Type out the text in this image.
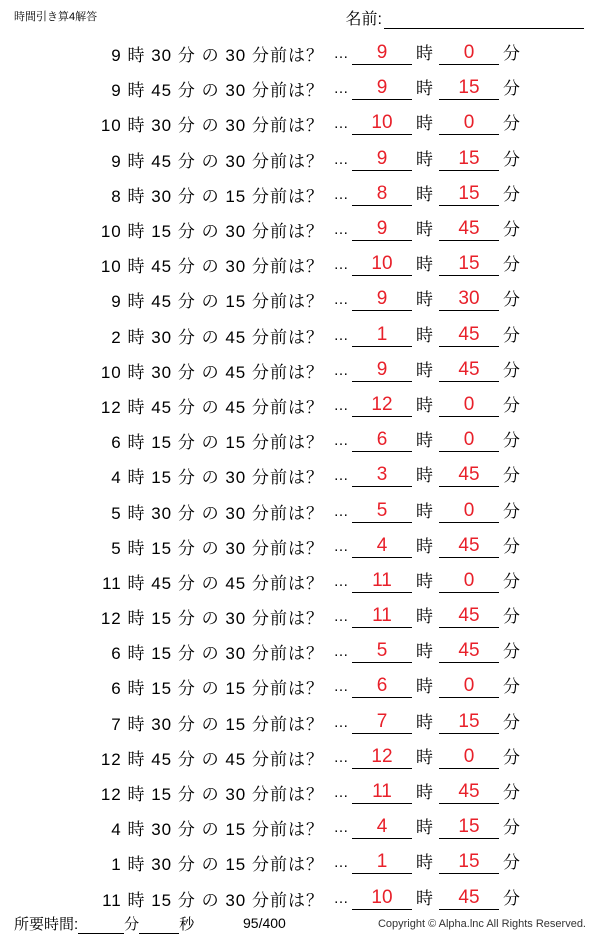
時間引き算4解答	名前:
9 時 30 分 の 30 分前は？ …	9	時	0	分
9 時 45 分 の 30 分前は？ …	9	時	15	分
10 時 30 分 の 30 分前は？ …	10	時	0	分
9 時 45 分 の 30 分前は？ …	9	時	15	分
8 時 30 分 の 15 分前は？ …	8	時	15	分
10 時 15 分 の 30 分前は？ …	9	時	45	分
10 時 45 分 の 30 分前は？ …	10	時	15	分
9 時 45 分 の 15 分前は？ …	9	時	30	分
2 時 30 分 の 45 分前は？ …	1	時	45	分
10 時 30 分 の 45 分前は？ …	9	時	45	分
12 時 45 分 の 45 分前は？ …	12	時	0	分
6 時 15 分 の 15 分前は？ …	6	時	0	分
4 時 15 分 の 30 分前は？ …	3	時	45	分
5 時 30 分 の 30 分前は？ …	5	時	0	分
5 時 15 分 の 30 分前は？ …	4	時	45	分
11 時 45 分 の 45 分前は？ …	11	時	0	分
12 時 15 分 の 30 分前は？ …	11	時	45	分
6 時 15 分 の 30 分前は？ …	5	時	45	分
6 時 15 分 の 15 分前は？ …	6	時	0	分
7 時 30 分 の 15 分前は？ …	7	時	15	分
12 時 45 分 の 45 分前は？ …	12	時	0	分
12 時 15 分 の 30 分前は？ …	11	時	45	分
4 時 30 分 の 15 分前は？ …	4	時	15	分
1 時 30 分 の 15 分前は？ …	1	時	15	分
11 時 15 分 の 30 分前は？ …	10	時	45	分
所要時間:	分	秒	95/400	Copyright © Alpha.lnc All Rights Reserved.
